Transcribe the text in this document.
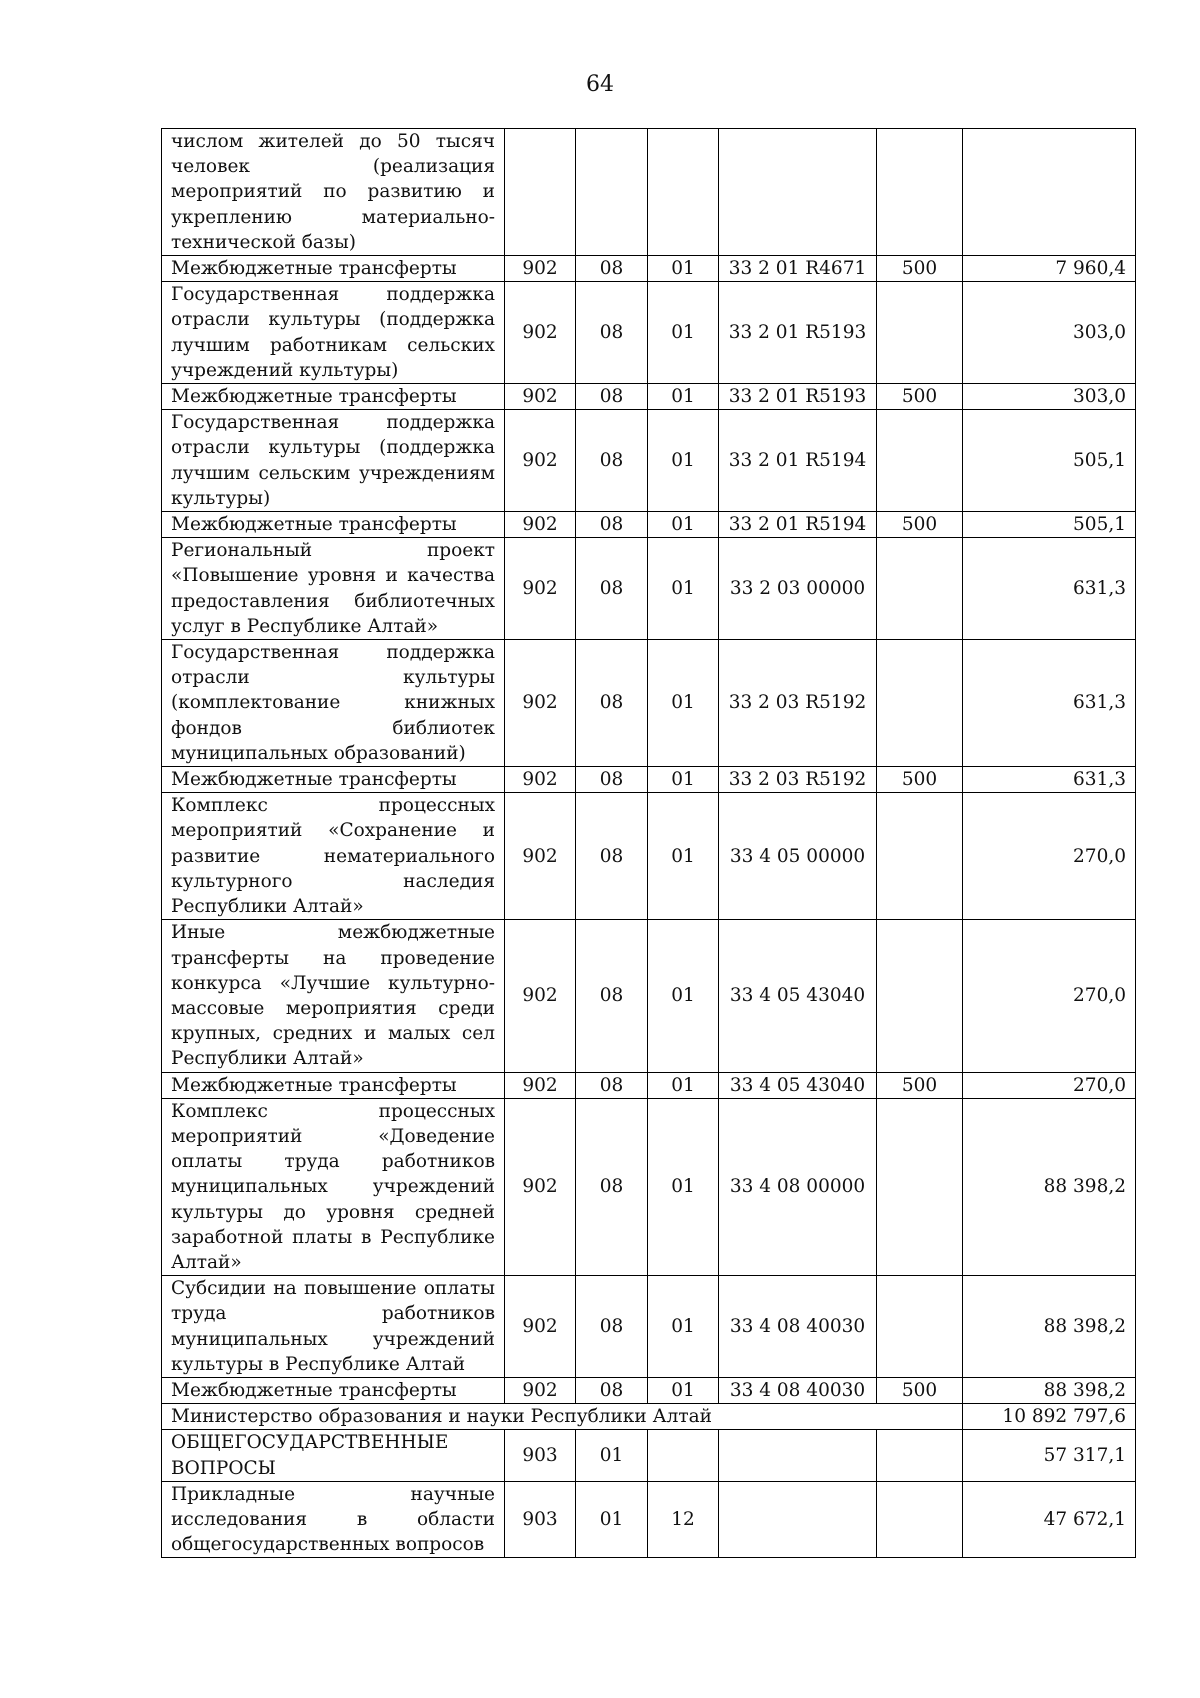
64
числом жителей до 50 тысяч человек (реализация мероприятий по развитию и укреплению материально-технической базы)						
Межбюджетные трансферты	902	08	01	33 2 01 R4671	500	7 960,4
Государственная поддержка отрасли культуры (поддержка лучшим работникам сельских учреждений культуры)	902	08	01	33 2 01 R5193		303,0
Межбюджетные трансферты	902	08	01	33 2 01 R5193	500	303,0
Государственная поддержка отрасли культуры (поддержка лучшим сельским учреждениям культуры)	902	08	01	33 2 01 R5194		505,1
Межбюджетные трансферты	902	08	01	33 2 01 R5194	500	505,1
Региональный проект «Повышение уровня и качества предоставления библиотечных услуг в Республике Алтай»	902	08	01	33 2 03 00000		631,3
Государственная поддержка отрасли культуры (комплектование книжных фондов библиотек муниципальных образований)	902	08	01	33 2 03 R5192		631,3
Межбюджетные трансферты	902	08	01	33 2 03 R5192	500	631,3
Комплекс процессных мероприятий «Сохранение и развитие нематериального культурного наследия Республики Алтай»	902	08	01	33 4 05 00000		270,0
Иные межбюджетные трансферты на проведение конкурса «Лучшие культурно-массовые мероприятия среди крупных, средних и малых сел Республики Алтай»	902	08	01	33 4 05 43040		270,0
Межбюджетные трансферты	902	08	01	33 4 05 43040	500	270,0
Комплекс процессных мероприятий «Доведение оплаты труда работников муниципальных учреждений культуры до уровня средней заработной платы в Республике Алтай»	902	08	01	33 4 08 00000		88 398,2
Субсидии на повышение оплаты труда работников муниципальных учреждений культуры в Республике Алтай	902	08	01	33 4 08 40030		88 398,2
Межбюджетные трансферты	902	08	01	33 4 08 40030	500	88 398,2
Министерство образования и науки Республики Алтай						10 892 797,6
ОБЩЕГОСУДАРСТВЕННЫЕ ВОПРОСЫ	903	01				57 317,1
Прикладные научные исследования в области общегосударственных вопросов	903	01	12			47 672,1
